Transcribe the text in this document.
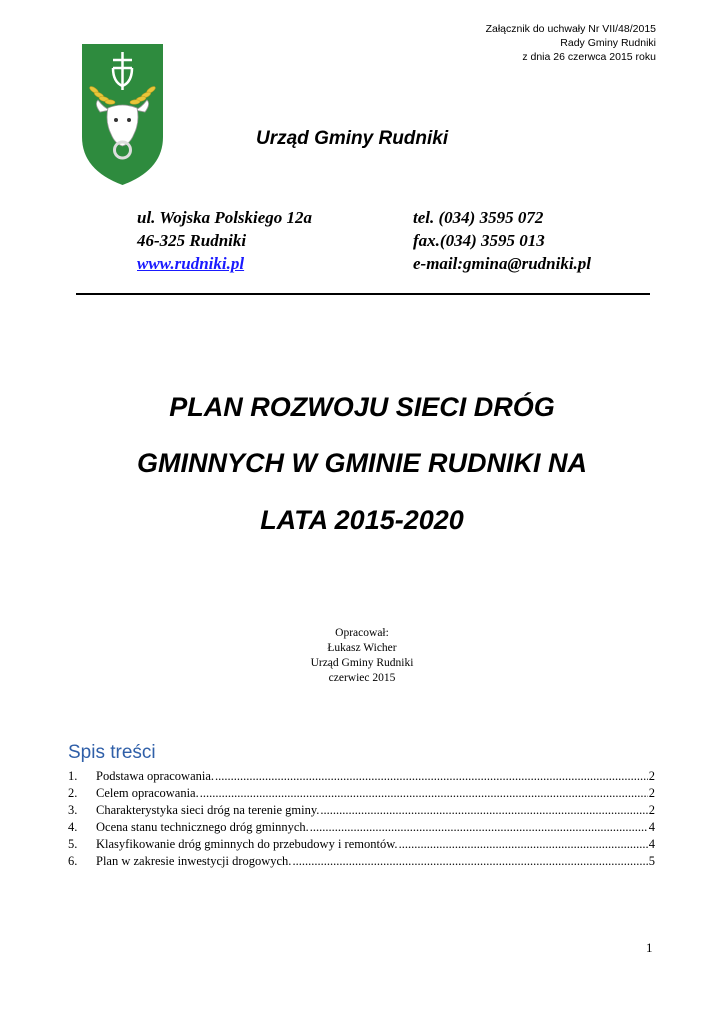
Załącznik do uchwały Nr VII/48/2015
Rady Gminy Rudniki
z dnia 26 czerwca 2015 roku
Urząd Gminy Rudniki
ul. Wojska Polskiego 12a
46-325 Rudniki
www.rudniki.pl
tel. (034) 3595 072
fax.(034) 3595 013
e-mail:gmina@rudniki.pl
PLAN ROZWOJU SIECI DRÓG
GMINNYCH W GMINIE RUDNIKI NA
LATA 2015-2020
Opracował:
Łukasz Wicher
Urząd Gminy Rudniki
czerwiec 2015
Spis treści
1.	Podstawa opracowania. .....	2
2.	Celem opracowania. .....	2
3.	Charakterystyka sieci dróg na terenie gminy. .....	2
4.	Ocena stanu technicznego dróg gminnych. .....	4
5.	Klasyfikowanie dróg gminnych do przebudowy i remontów. .....	4
6.	Plan w zakresie inwestycji drogowych. .....	5
1
